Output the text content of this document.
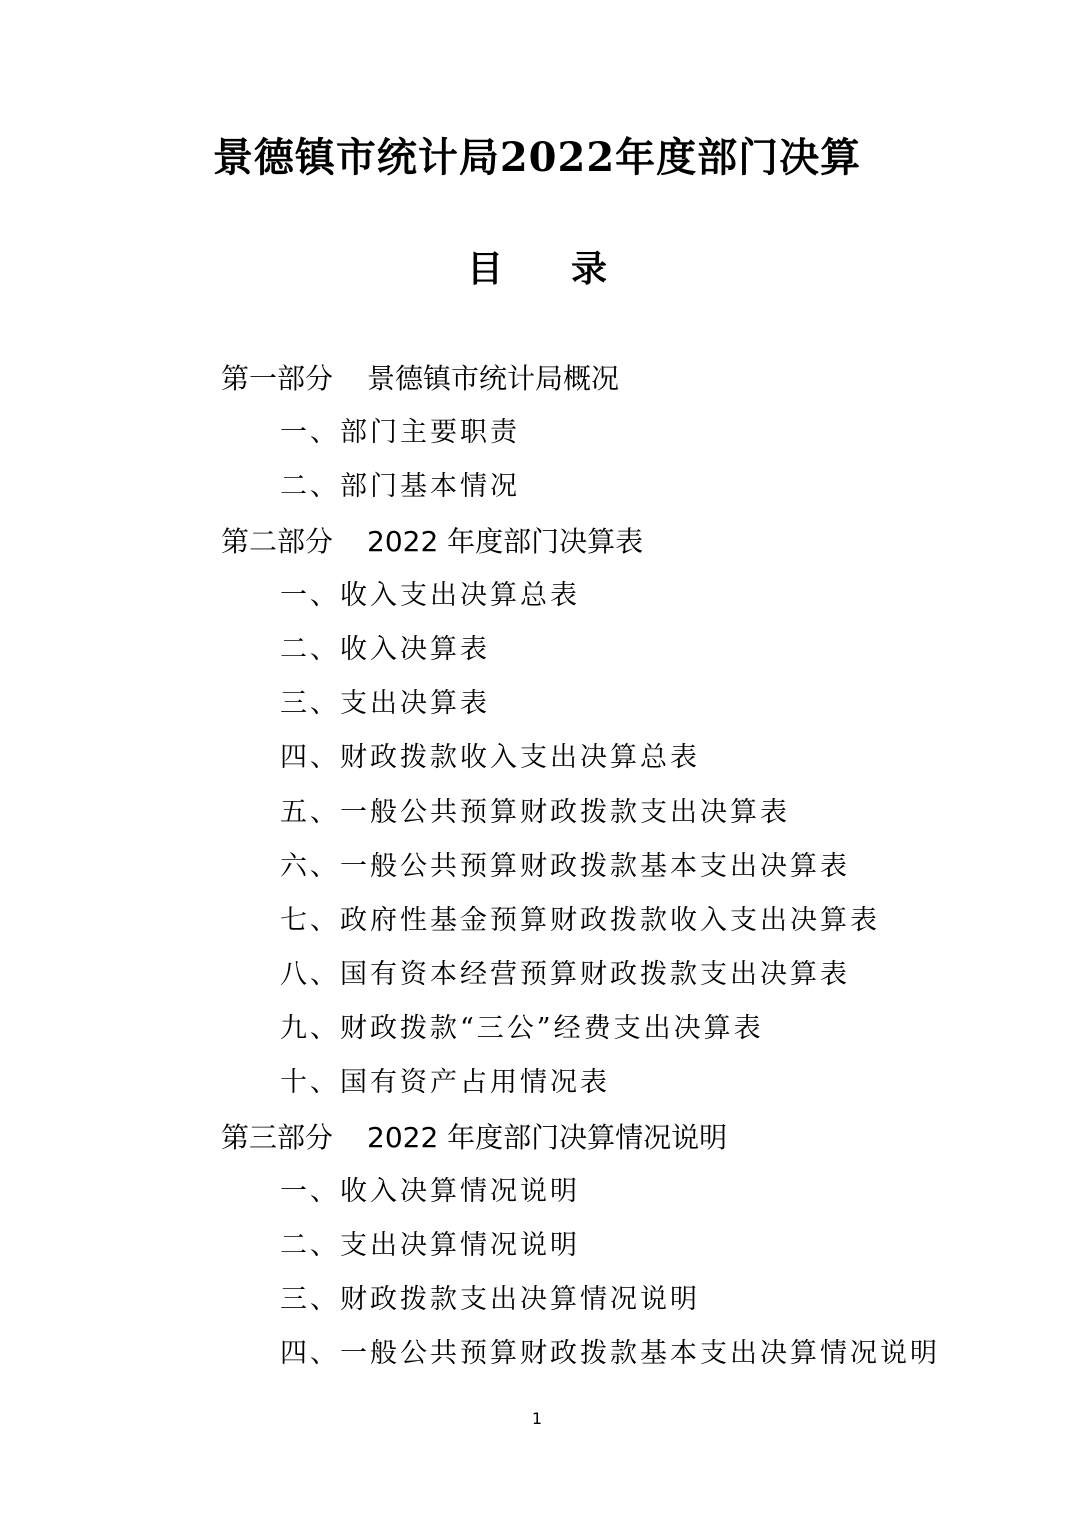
景德镇市统计局2022年度部门决算
目录
第一部分 景德镇市统计局概况
一、部门主要职责
二、部门基本情况
第二部分 2022 年度部门决算表
一、收入支出决算总表
二、收入决算表
三、支出决算表
四、财政拨款收入支出决算总表
五、一般公共预算财政拨款支出决算表
六、一般公共预算财政拨款基本支出决算表
七、政府性基金预算财政拨款收入支出决算表
八、国有资本经营预算财政拨款支出决算表
九、财政拨款“三公”经费支出决算表
十、国有资产占用情况表
第三部分 2022 年度部门决算情况说明
一、收入决算情况说明
二、支出决算情况说明
三、财政拨款支出决算情况说明
四、一般公共预算财政拨款基本支出决算情况说明
1
